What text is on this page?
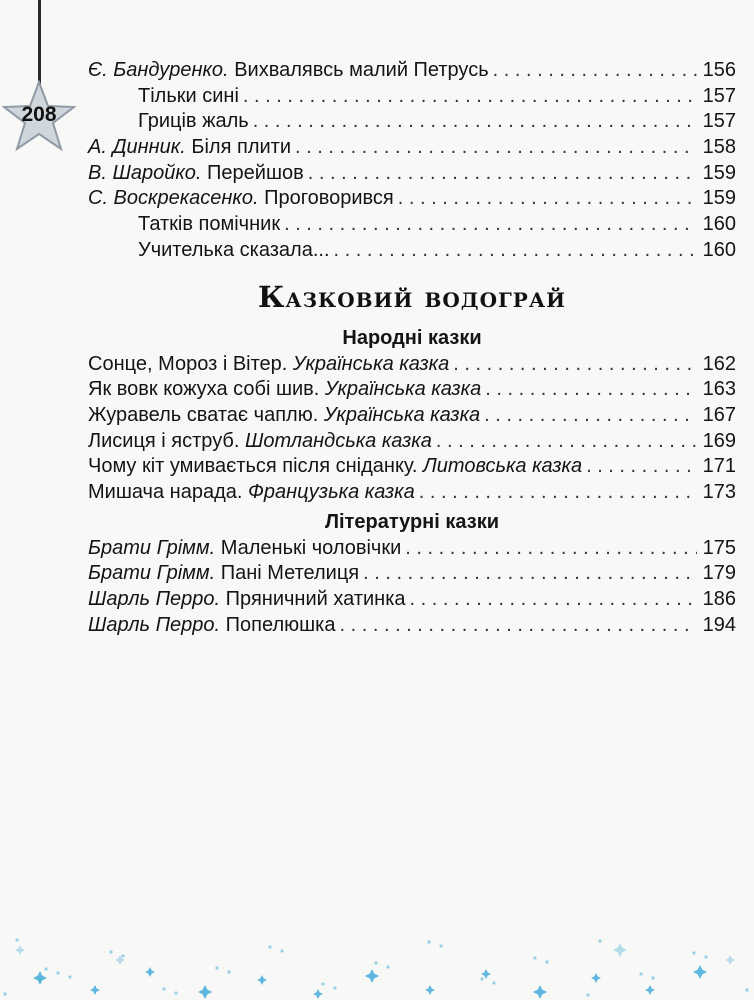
208
Є. Бандуренко. Вихвалявсь малий Петрусь . . .	156
Тільки сині . . .	157
Гриців жаль . . .	157
А. Динник. Біля плити . . .	158
В. Шаройко. Перейшов . . .	159
С. Воскрекасенко. Проговорився . . .	159
Татків помічник . . .	160
Учителька сказала... . . .	160
Казковий водограй
Народні казки
Сонце, Мороз і Вітер. Українська казка . . .	162
Як вовк кожуха собі шив. Українська казка . . .	163
Журавель сватає чаплю. Українська казка . . .	167
Лисиця і яструб. Шотландська казка . . .	169
Чому кіт умивається після сніданку. Литовська казка . . .	171
Мишача нарада. Французька казка . . .	173
Літературні казки
Брати Грімм. Маленькі чоловічки . . .	175
Брати Грімм. Пані Метелиця . . .	179
Шарль Перро. Пряничний хатинка . . .	186
Шарль Перро. Попелюшка . . .	194
